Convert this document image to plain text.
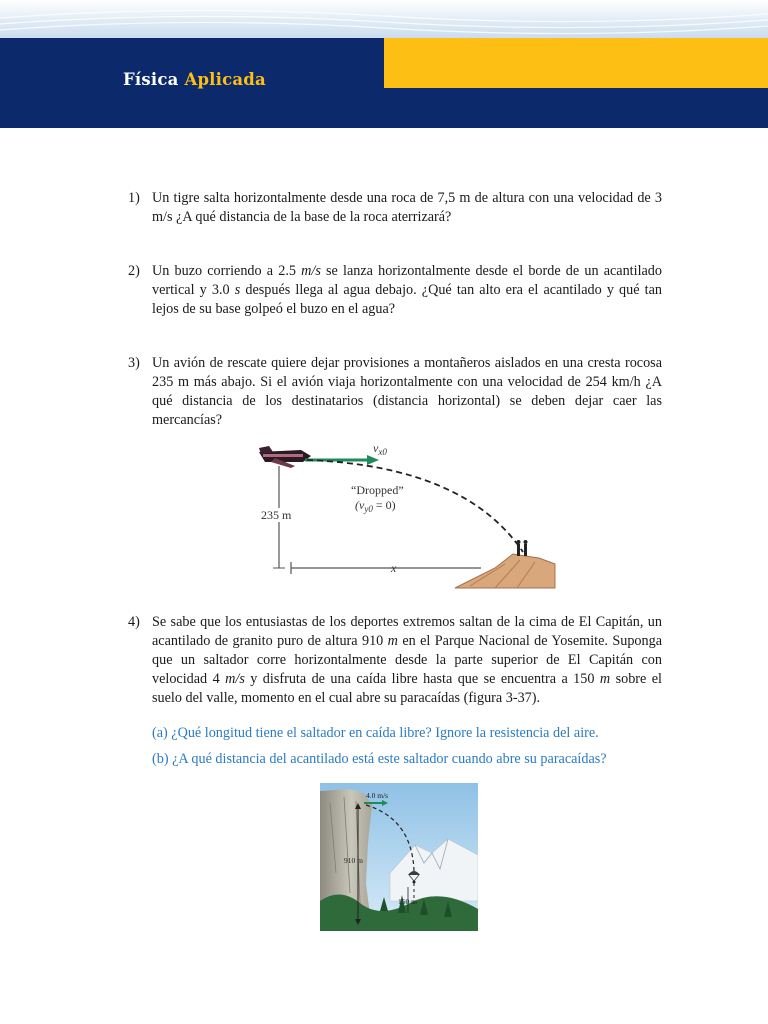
Física Aplicada
1) Un tigre salta horizontalmente desde una roca de 7,5 m de altura con una velocidad de 3 m/s ¿A qué distancia de la base de la roca aterrizará?
2) Un buzo corriendo a 2.5 m/s se lanza horizontalmente desde el borde de un acantilado vertical y 3.0 s después llega al agua debajo. ¿Qué tan alto era el acantilado y qué tan lejos de su base golpeó el buzo en el agua?
3) Un avión de rescate quiere dejar provisiones a montañeros aislados en una cresta rocosa 235 m más abajo. Si el avión viaja horizontalmente con una velocidad de 254 km/h ¿A qué distancia de los destinatarios (distancia horizontal) se deben dejar caer las mercancías?
$v_{x0}$
“Dropped”
$(v_{y0} = 0)$
235 m
x
4) Se sabe que los entusiastas de los deportes extremos saltan de la cima de El Capitán, un acantilado de granito puro de altura 910 m en el Parque Nacional de Yosemite. Suponga que un saltador corre horizontalmente desde la parte superior de El Capitán con velocidad 4 m/s y disfruta de una caída libre hasta que se encuentra a 150 m sobre el suelo del valle, momento en el cual abre su paracaídas (figura 3-37).
(a) ¿Qué longitud tiene el saltador en caída libre? Ignore la resistencia del aire.
(b) ¿A qué distancia del acantilado está este saltador cuando abre su paracaídas?
4.0 m/s
910 m
150 m
